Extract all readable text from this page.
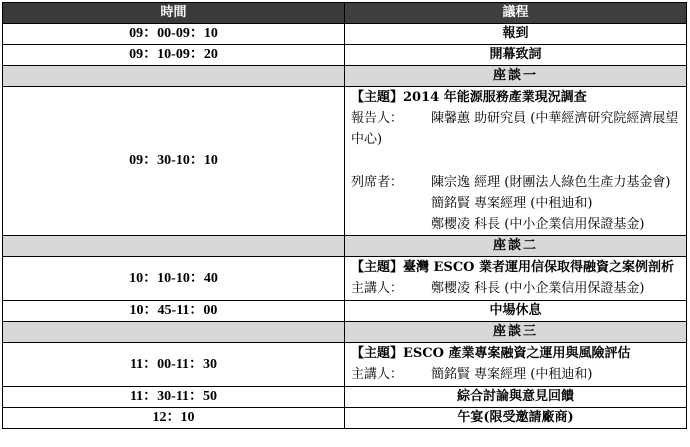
時間	議程
09：00-09：10	報到
09：10-09：20	開幕致詞
	座談一
09：30-10：10	【主題】2014 年能源服務產業現況調查
報告人： 陳馨蕙 助研究員 (中華經濟研究院經濟展望中心)
列席者： 陳宗逸 經理 (財團法人綠色生產力基金會)
簡銘賢 專案經理 (中租迪和)
鄭櫻凌 科長 (中小企業信用保證基金)

	座談二
10：10-10：40	【主題】臺灣 ESCO 業者運用信保取得融資之案例剖析
主講人： 鄭櫻凌 科長 (中小企業信用保證基金)

10：45-11：00	中場休息
	座談三
11：00-11：30	【主題】ESCO 產業專案融資之運用與風險評估
主講人： 簡銘賢 專案經理 (中租迪和)

11：30-11：50	綜合討論與意見回饋
12：10	午宴(限受邀請廠商)
